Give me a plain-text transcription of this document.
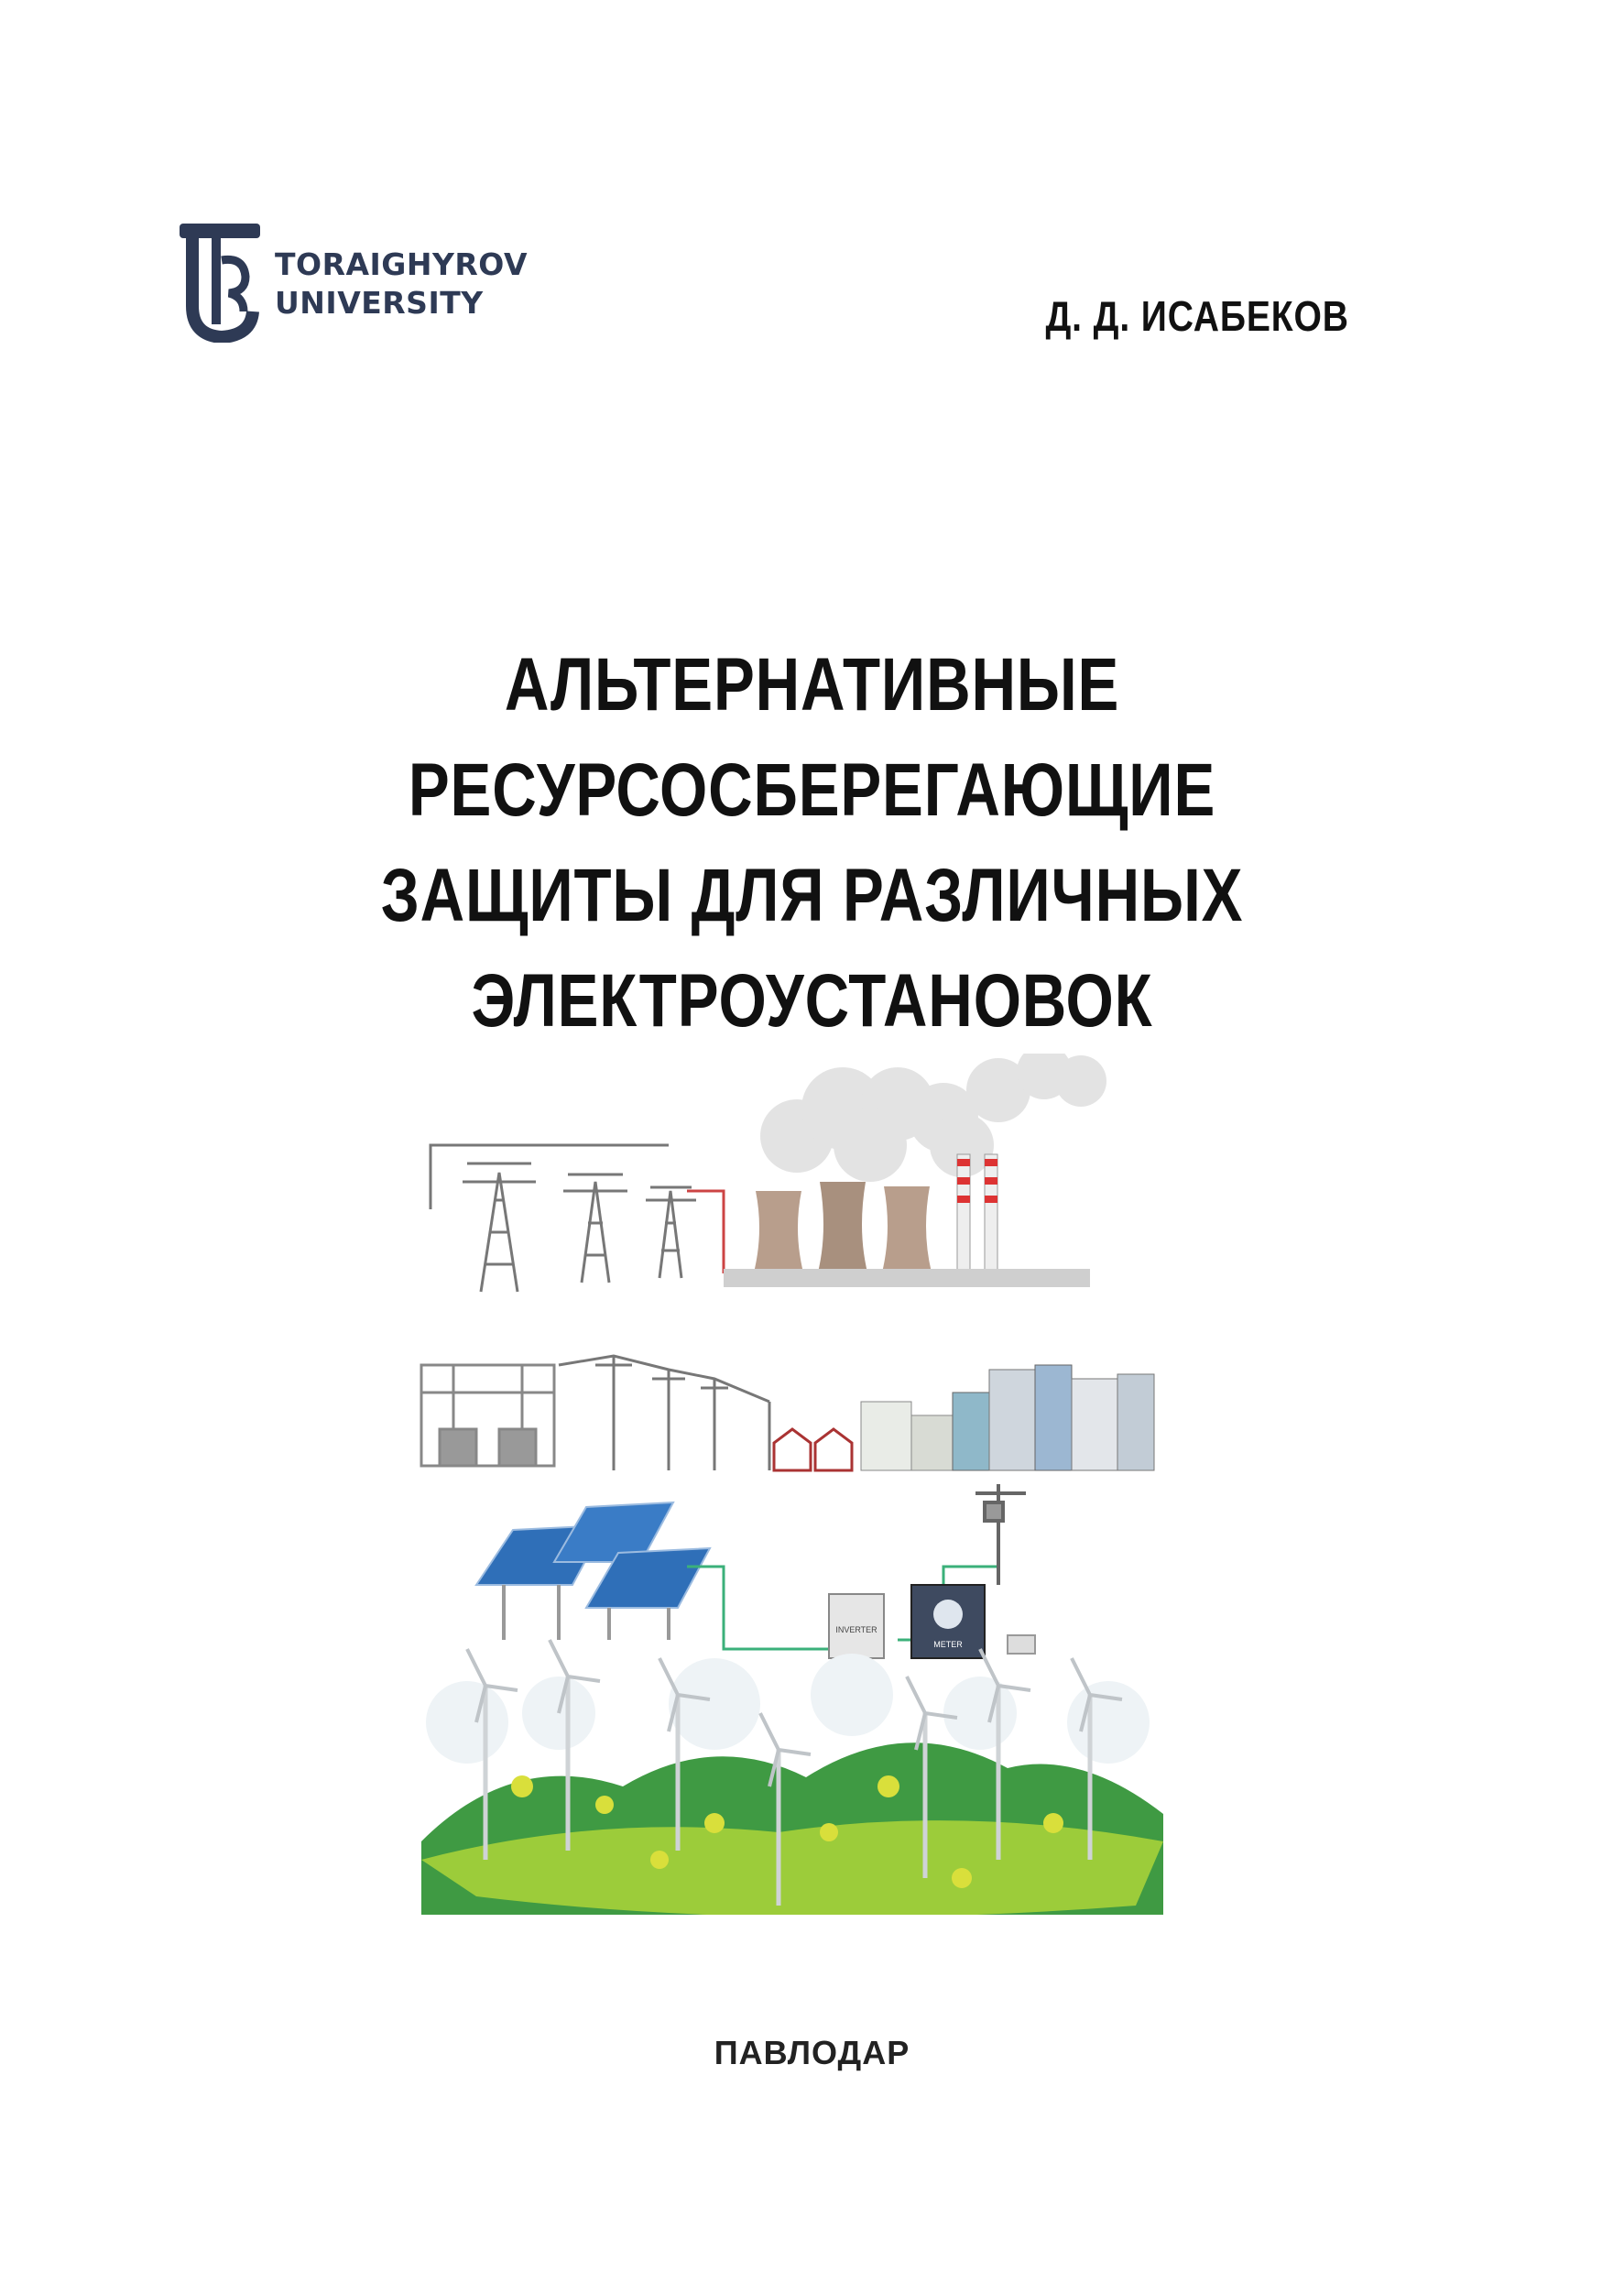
TORAIGHYROV
UNIVERSITY	Д. Д. ИСАБЕКОВ
АЛЬТЕРНАТИВНЫЕ
РЕСУРСОСБЕРЕГАЮЩИЕ
ЗАЩИТЫ ДЛЯ РАЗЛИЧНЫХ
ЭЛЕКТРОУСТАНОВОК
INVERTER
METER
ПАВЛОДАР
